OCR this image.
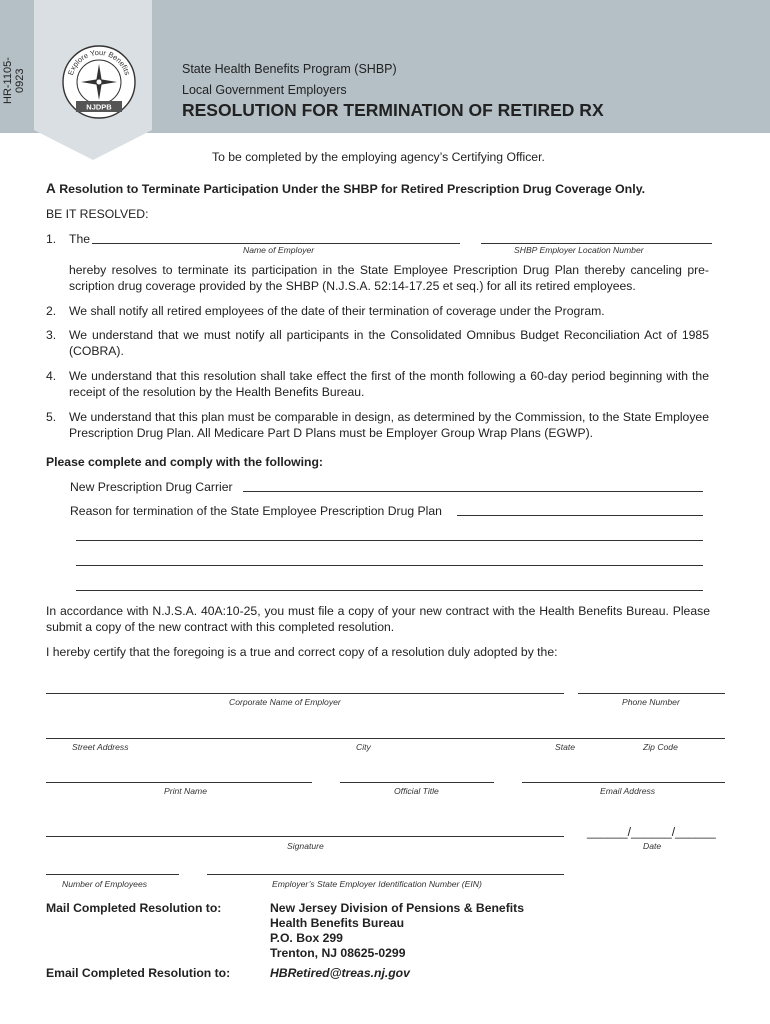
HR-1105-0923	Explore Your Benefits
NJDPB
State Health Benefits Program (SHBP)
Local Government Employers
RESOLUTION FOR TERMINATION OF RETIRED RX
To be completed by the employing agency’s Certifying Officer.
A Resolution to Terminate Participation Under the SHBP for Retired Prescription Drug Coverage Only.
BE IT RESOLVED:
1. The
Name of Employer	SHBP Employer Location Number
hereby resolves to terminate its participation in the State Employee Prescription Drug Plan thereby canceling pre-scription drug coverage provided by the SHBP (N.J.S.A. 52:14-17.25 et seq.) for all its retired employees.
2. We shall notify all retired employees of the date of their termination of coverage under the Program.
3. We understand that we must notify all participants in the Consolidated Omnibus Budget Reconciliation Act of 1985 (COBRA).
4. We understand that this resolution shall take effect the first of the month following a 60-day period beginning with the receipt of the resolution by the Health Benefits Bureau.
5. We understand that this plan must be comparable in design, as determined by the Commission, to the State Employee Prescription Drug Plan. All Medicare Part D Plans must be Employer Group Wrap Plans (EGWP).
Please complete and comply with the following:
New Prescription Drug Carrier
Reason for termination of the State Employee Prescription Drug Plan
In accordance with N.J.S.A. 40A:10-25, you must file a copy of your new contract with the Health Benefits Bureau. Please submit a copy of the new contract with this completed resolution.
I hereby certify that the foregoing is a true and correct copy of a resolution duly adopted by the:
Corporate Name of Employer	Phone Number
Street Address	City	State	Zip Code
Print Name	Official Title	Email Address
______/______/______
Signature	Date
Number of Employees	Employer’s State Employer Identification Number (EIN)
Mail Completed Resolution to:	New Jersey Division of Pensions & Benefits
Health Benefits Bureau
P.O. Box 299
Trenton, NJ 08625-0299
Email Completed Resolution to:	HBRetired@treas.nj.gov
